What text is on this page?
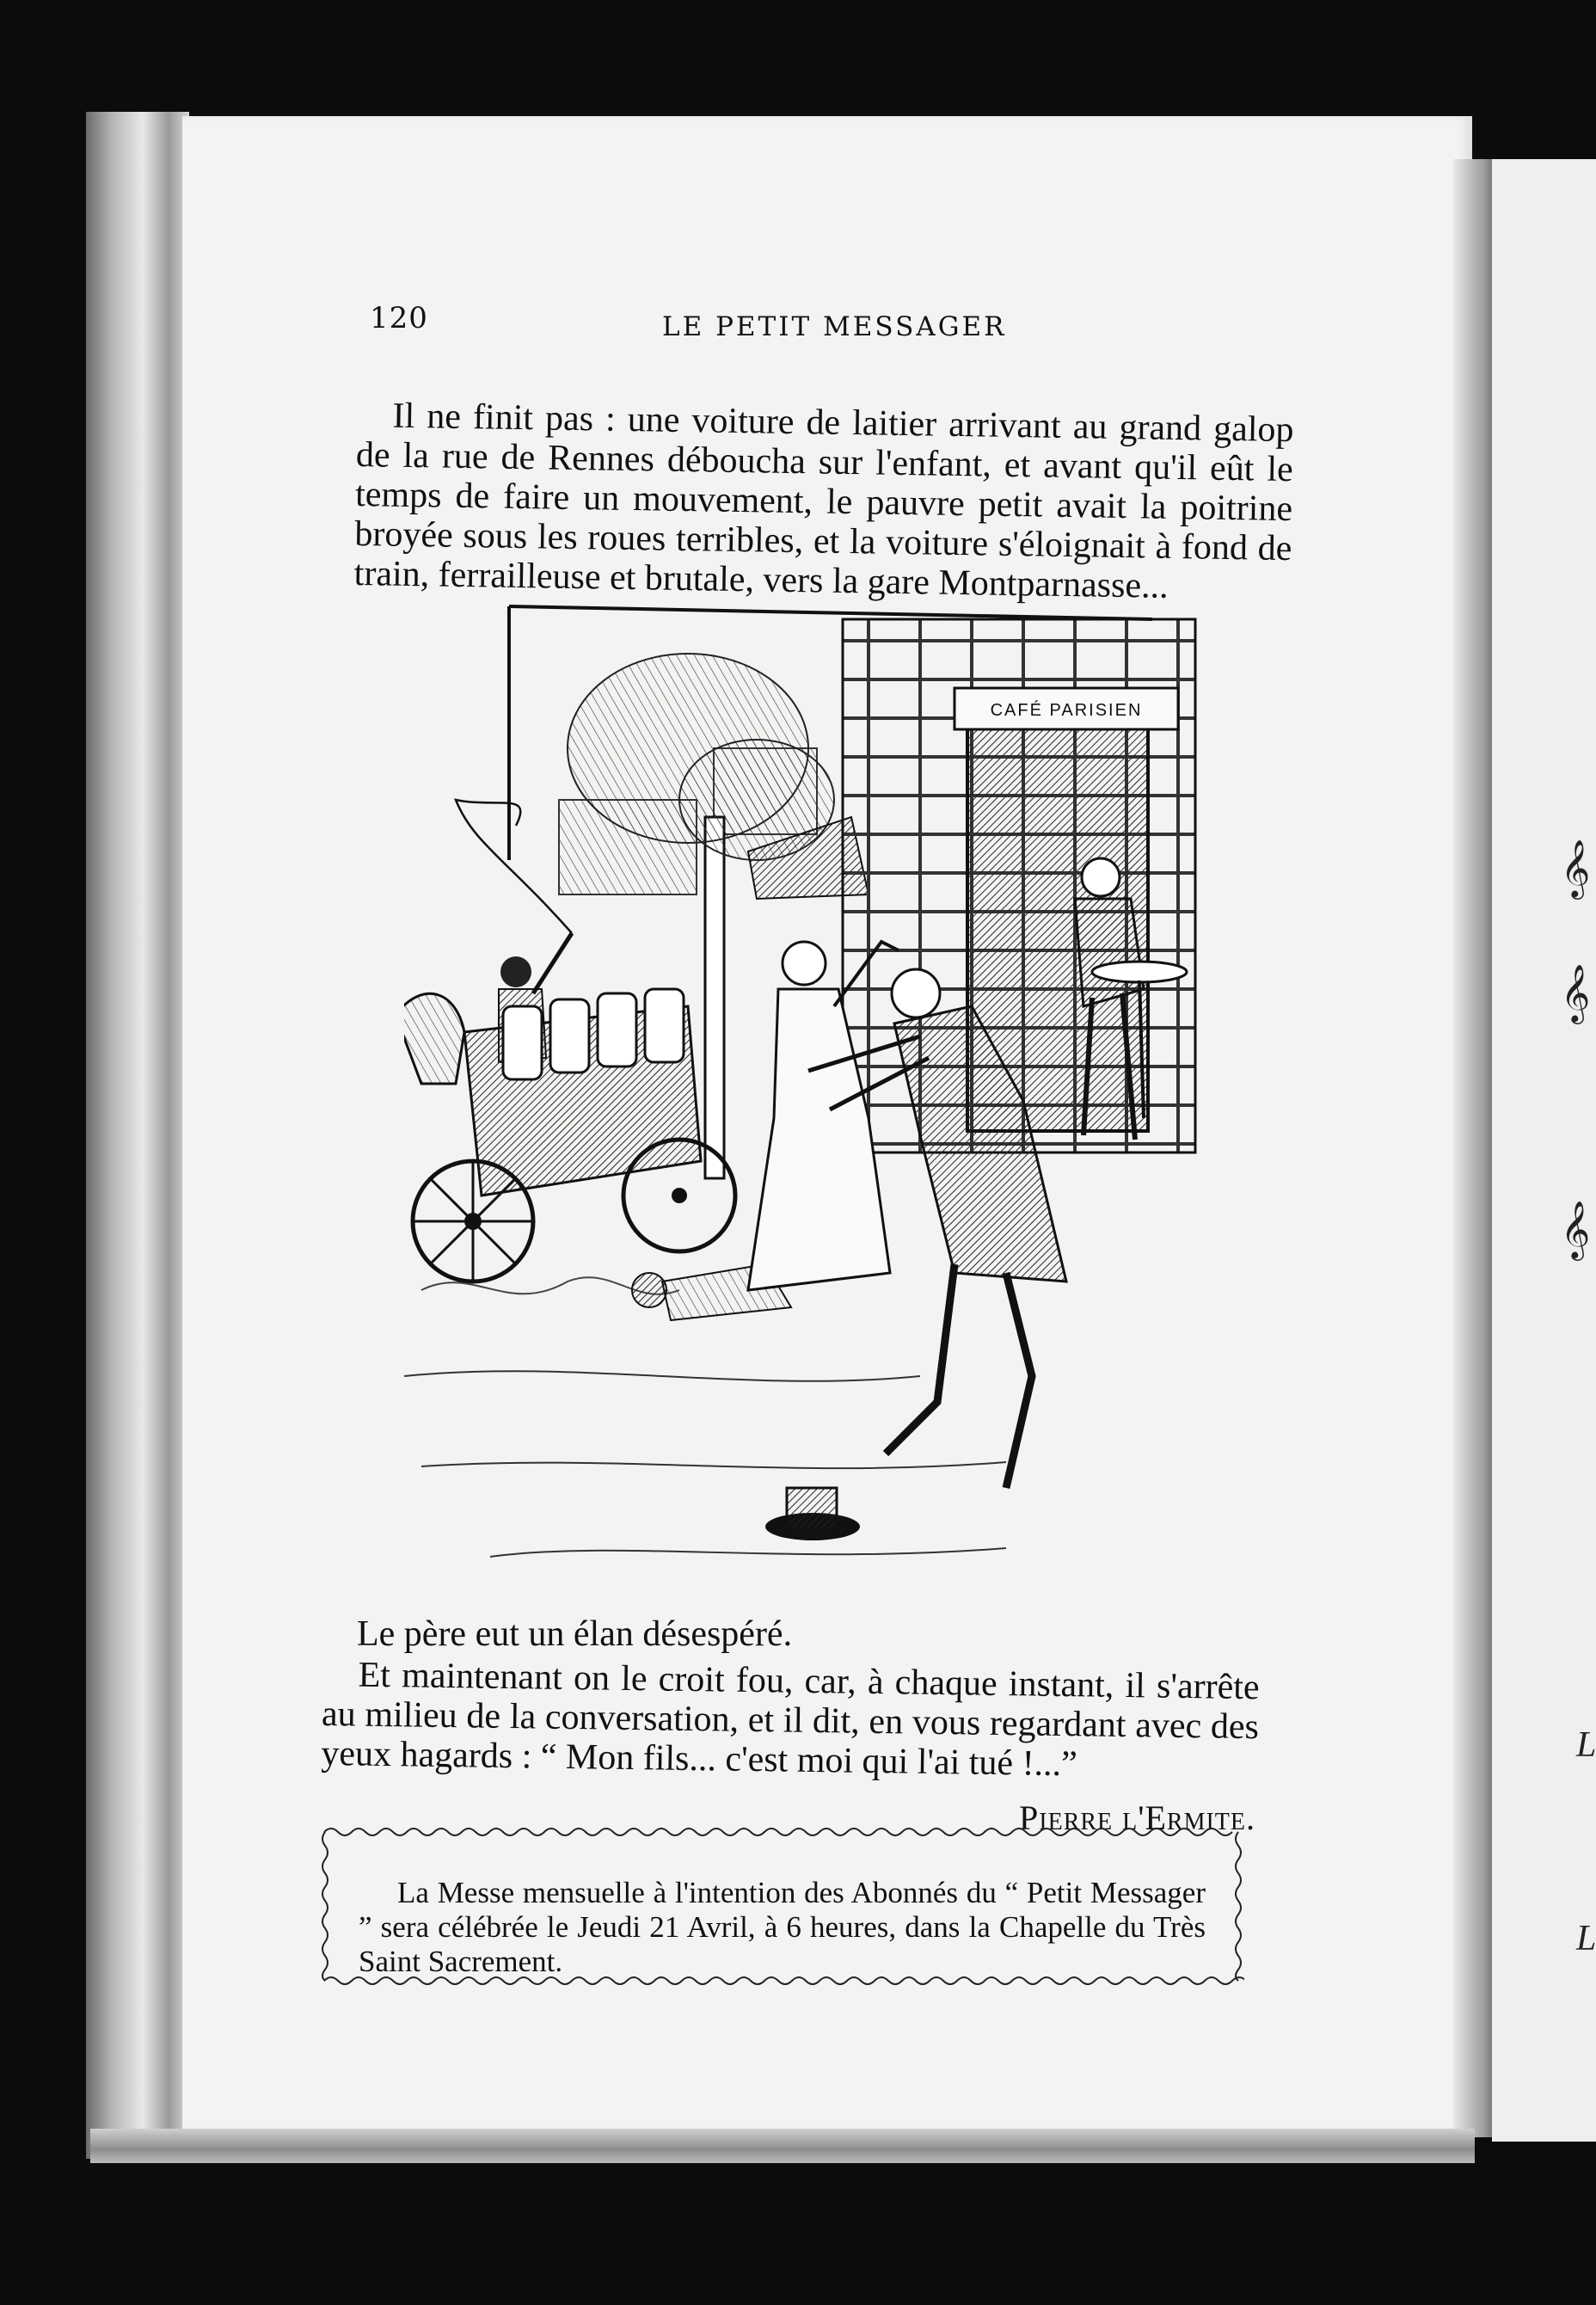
𝄞
𝄞
𝄞
L
L
120	LE PETIT MESSAGER

Il ne finit pas : une voiture de laitier arrivant au grand galop de la rue de Rennes déboucha sur l'enfant, et avant qu'il eût le temps de faire un mouvement, le pauvre petit avait la poitrine broyée sous les roues terribles, et la voiture s'éloignait à fond de train, ferrailleuse et brutale, vers la gare Montparnasse...

CAFÉ PARISIEN

Le père eut un élan désespéré.

Et maintenant on le croit fou, car, à chaque instant, il s'arrête au milieu de la conversation, et il dit, en vous regardant avec des yeux hagards : “ Mon fils... c'est moi qui l'ai tué !...”

Pierre l'Ermite.

La Messe mensuelle à l'intention des Abonnés du “ Petit Messager ” sera célébrée le Jeudi 21 Avril, à 6 heures, dans la Chapelle du Très Saint Sacrement.
